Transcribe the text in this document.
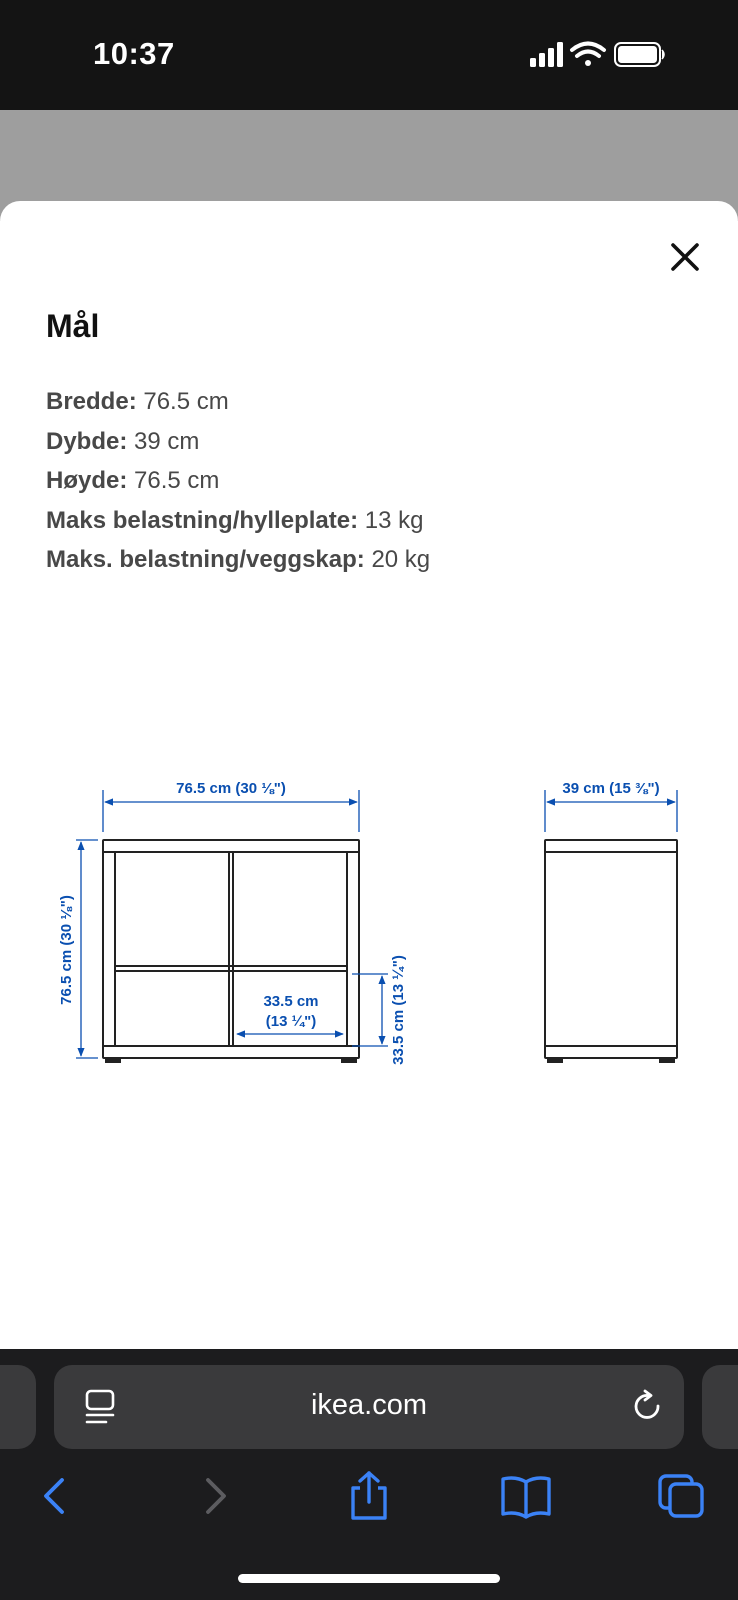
10:37
Mål
Bredde: 76.5 cm
Dybde: 39 cm
Høyde: 76.5 cm
Maks belastning/hylleplate: 13 kg
Maks. belastning/veggskap: 20 kg
76.5 cm (30 ⅛")
76.5 cm (30 ⅛")	33.5 cm
(13 ¼")	33.5 cm (13 ¼")
39 cm (15 ⅜")
ikea.com
